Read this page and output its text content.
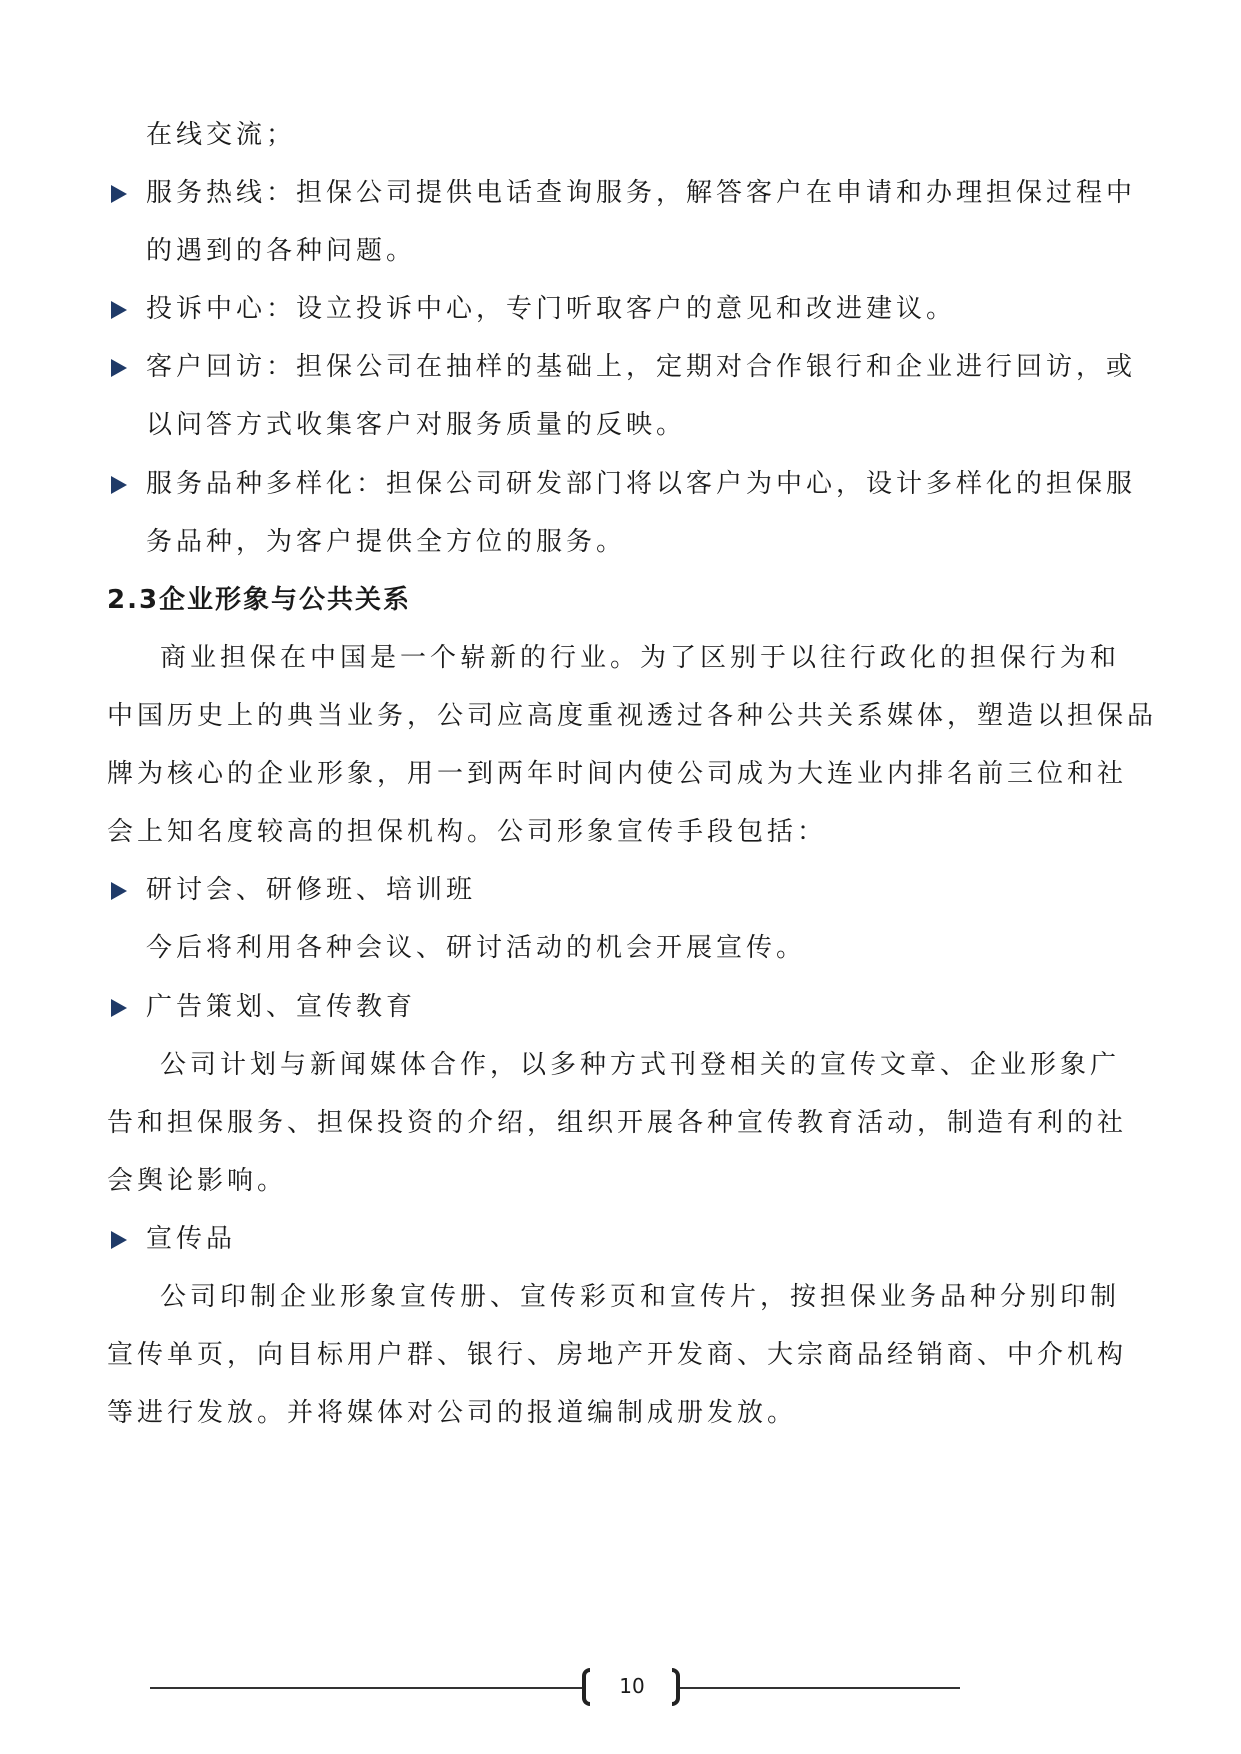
在线交流；
服务热线：担保公司提供电话查询服务，解答客户在申请和办理担保过程中
的遇到的各种问题。
投诉中心：设立投诉中心，专门听取客户的意见和改进建议。
客户回访：担保公司在抽样的基础上，定期对合作银行和企业进行回访，或
以问答方式收集客户对服务质量的反映。
服务品种多样化：担保公司研发部门将以客户为中心，设计多样化的担保服
务品种，为客户提供全方位的服务。
2.3企业形象与公共关系
商业担保在中国是一个崭新的行业。为了区别于以往行政化的担保行为和
中国历史上的典当业务，公司应高度重视透过各种公共关系媒体，塑造以担保品
牌为核心的企业形象，用一到两年时间内使公司成为大连业内排名前三位和社
会上知名度较高的担保机构。公司形象宣传手段包括：
研讨会、研修班、培训班
今后将利用各种会议、研讨活动的机会开展宣传。
广告策划、宣传教育
公司计划与新闻媒体合作，以多种方式刊登相关的宣传文章、企业形象广
告和担保服务、担保投资的介绍，组织开展各种宣传教育活动，制造有利的社
会舆论影响。
宣传品
公司印制企业形象宣传册、宣传彩页和宣传片，按担保业务品种分别印制
宣传单页，向目标用户群、银行、房地产开发商、大宗商品经销商、中介机构
等进行发放。并将媒体对公司的报道编制成册发放。
10
